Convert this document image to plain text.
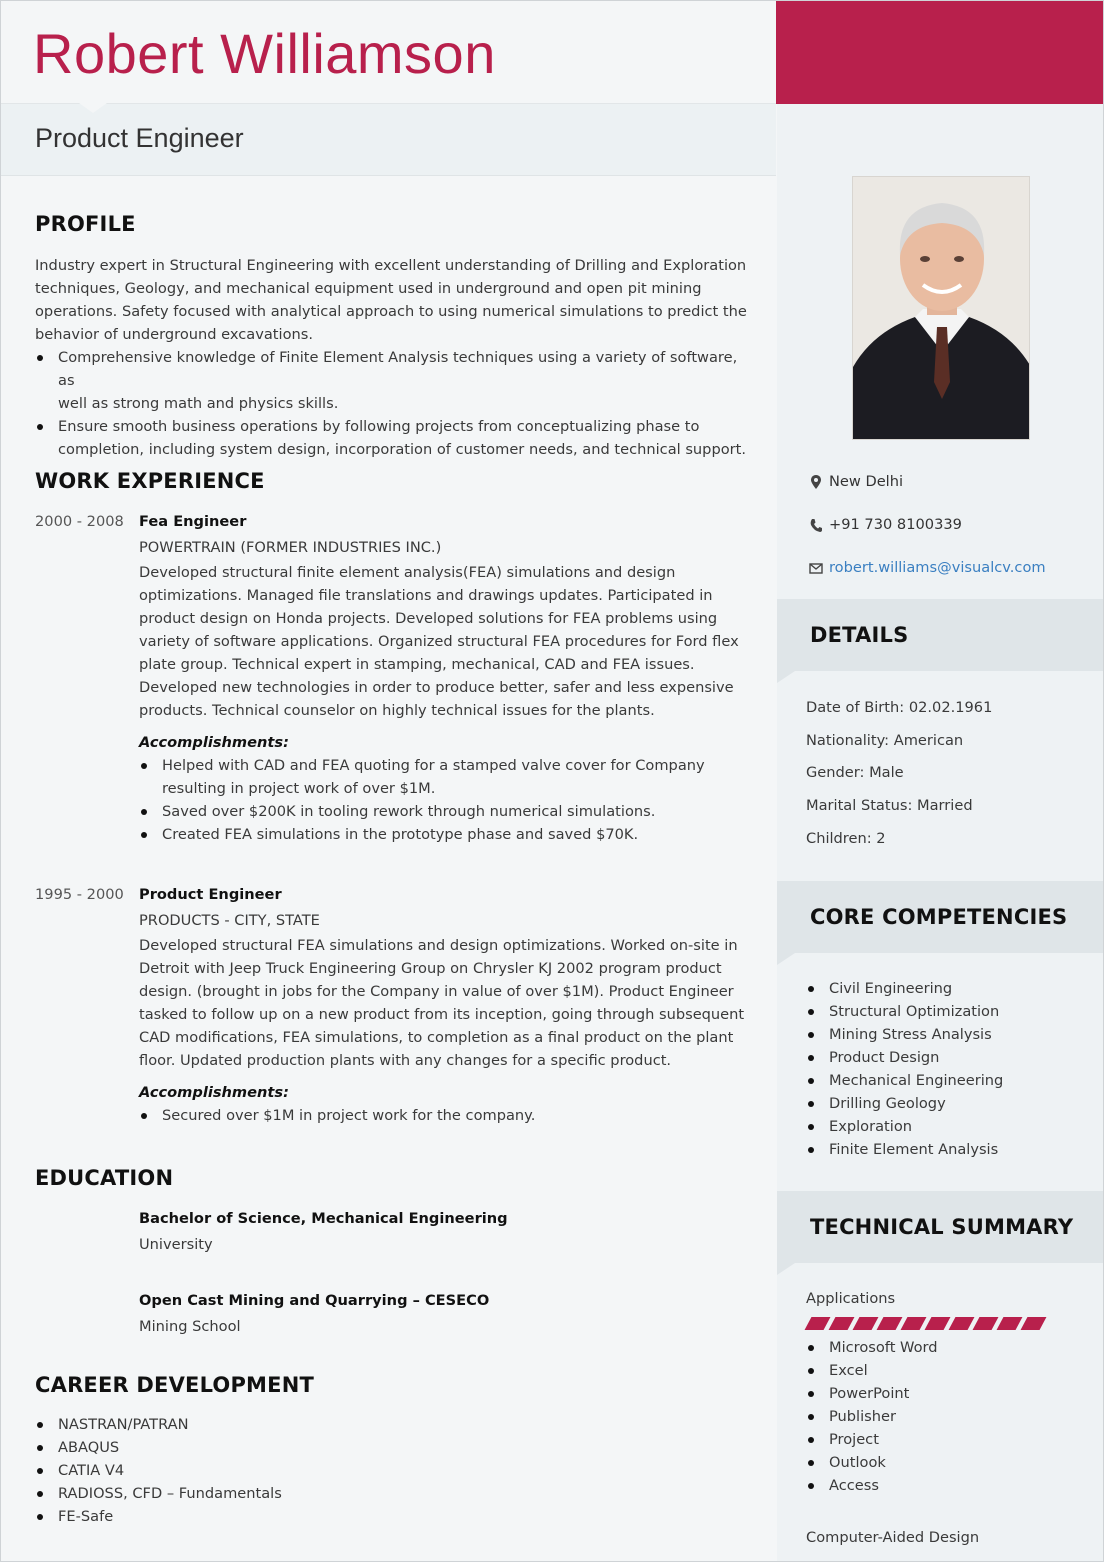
Robert Williamson
Product Engineer
PROFILE
Industry expert in Structural Engineering with excellent understanding of Drilling and Exploration
techniques, Geology, and mechanical equipment used in underground and open pit mining
operations. Safety focused with analytical approach to using numerical simulations to predict the
behavior of underground excavations.
Comprehensive knowledge of Finite Element Analysis techniques using a variety of software, as
well as strong math and physics skills.
Ensure smooth business operations by following projects from conceptualizing phase to
completion, including system design, incorporation of customer needs, and technical support.
WORK EXPERIENCE
2000 - 2008 Fea Engineer
POWERTRAIN (FORMER INDUSTRIES INC.)
Developed structural finite element analysis(FEA) simulations and design
optimizations. Managed file translations and drawings updates. Participated in
product design on Honda projects. Developed solutions for FEA problems using
variety of software applications. Organized structural FEA procedures for Ford flex
plate group. Technical expert in stamping, mechanical, CAD and FEA issues.
Developed new technologies in order to produce better, safer and less expensive
products. Technical counselor on highly technical issues for the plants.
Accomplishments:
Helped with CAD and FEA quoting for a stamped valve cover for Company
resulting in project work of over $1M.
Saved over $200K in tooling rework through numerical simulations.
Created FEA simulations in the prototype phase and saved $70K.
1995 - 2000 Product Engineer
PRODUCTS - CITY, STATE
Developed structural FEA simulations and design optimizations. Worked on-site in
Detroit with Jeep Truck Engineering Group on Chrysler KJ 2002 program product
design. (brought in jobs for the Company in value of over $1M). Product Engineer
tasked to follow up on a new product from its inception, going through subsequent
CAD modifications, FEA simulations, to completion as a final product on the plant
floor. Updated production plants with any changes for a specific product.
Accomplishments:
Secured over $1M in project work for the company.
EDUCATION
Bachelor of Science, Mechanical Engineering
University
Open Cast Mining and Quarrying – CESECO
Mining School
CAREER DEVELOPMENT
NASTRAN/PATRAN
ABAQUS
CATIA V4
RADIOSS, CFD – Fundamentals
FE-Safe
New Delhi
+91 730 8100339
robert.williams@visualcv.com
DETAILS
Date of Birth: 02.02.1961
Nationality: American
Gender: Male
Marital Status: Married
Children: 2
CORE COMPETENCIES
Civil Engineering
Structural Optimization
Mining Stress Analysis
Product Design
Mechanical Engineering
Drilling Geology
Exploration
Finite Element Analysis
TECHNICAL SUMMARY
Applications
Microsoft Word
Excel
PowerPoint
Publisher
Project
Outlook
Access
Computer-Aided Design
